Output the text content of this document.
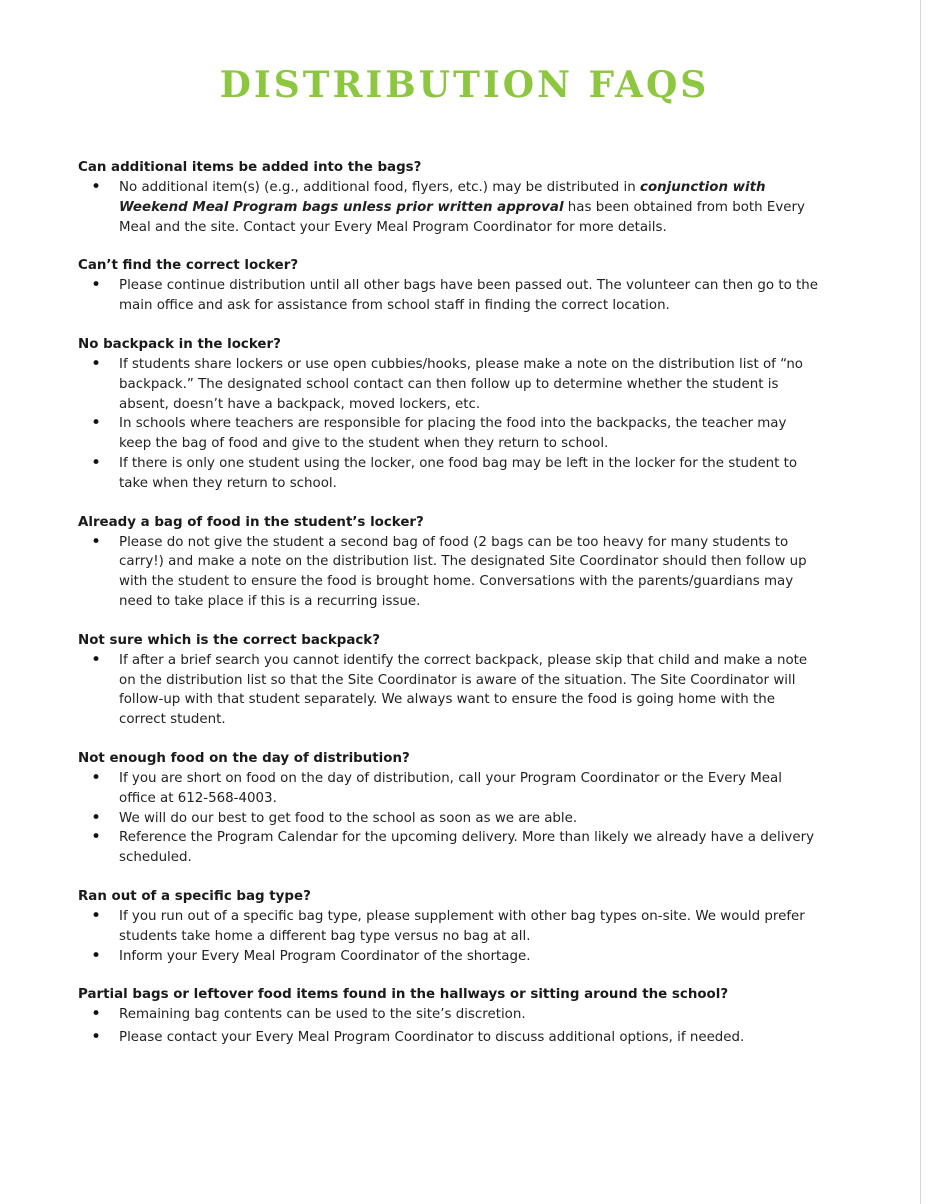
DISTRIBUTION FAQS

Can additional items be added into the bags?

• No additional item(s) (e.g., additional food, flyers, etc.) may be distributed in conjunction with Weekend Meal Program bags unless prior written approval has been obtained from both Every Meal and the site. Contact your Every Meal Program Coordinator for more details.

Can’t find the correct locker?

• Please continue distribution until all other bags have been passed out. The volunteer can then go to the main office and ask for assistance from school staff in finding the correct location.

No backpack in the locker?

• If students share lockers or use open cubbies/hooks, please make a note on the distribution list of “no backpack.” The designated school contact can then follow up to determine whether the student is absent, doesn’t have a backpack, moved lockers, etc.
• In schools where teachers are responsible for placing the food into the backpacks, the teacher may keep the bag of food and give to the student when they return to school.
• If there is only one student using the locker, one food bag may be left in the locker for the student to take when they return to school.

Already a bag of food in the student’s locker?

• Please do not give the student a second bag of food (2 bags can be too heavy for many students to carry!) and make a note on the distribution list. The designated Site Coordinator should then follow up with the student to ensure the food is brought home. Conversations with the parents/guardians may need to take place if this is a recurring issue.

Not sure which is the correct backpack?

• If after a brief search you cannot identify the correct backpack, please skip that child and make a note on the distribution list so that the Site Coordinator is aware of the situation. The Site Coordinator will follow-up with that student separately. We always want to ensure the food is going home with the correct student.

Not enough food on the day of distribution?

• If you are short on food on the day of distribution, call your Program Coordinator or the Every Meal office at 612-568-4003.
• We will do our best to get food to the school as soon as we are able.
• Reference the Program Calendar for the upcoming delivery. More than likely we already have a delivery scheduled.

Ran out of a specific bag type?

• If you run out of a specific bag type, please supplement with other bag types on-site. We would prefer students take home a different bag type versus no bag at all.
• Inform your Every Meal Program Coordinator of the shortage.

Partial bags or leftover food items found in the hallways or sitting around the school?

• Remaining bag contents can be used to the site’s discretion.
• Please contact your Every Meal Program Coordinator to discuss additional options, if needed.
